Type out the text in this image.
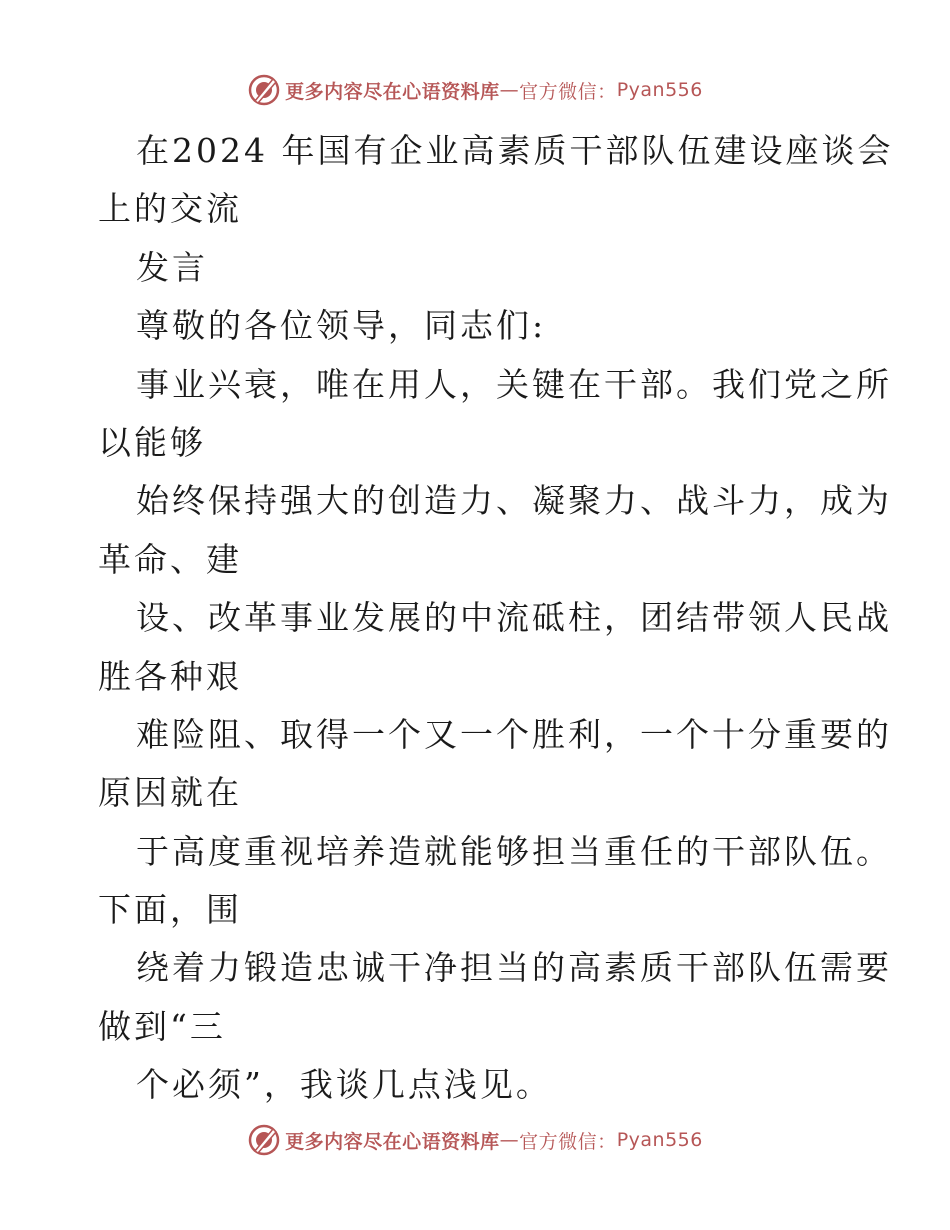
更多内容尽在心语资料库 — 官方微信： Pyan556
在2024 年国有企业高素质干部队伍建设座谈会
上的交流
发言
尊敬的各位领导，同志们:
事业兴衰，唯在用人，关键在干部。我们党之所
以能够
始终保持强大的创造力、凝聚力、战斗力，成为
革命、建
设、改革事业发展的中流砥柱，团结带领人民战
胜各种艰
难险阻、取得一个又一个胜利，一个十分重要的
原因就在
于高度重视培养造就能够担当重任的干部队伍。
下面，围
绕着力锻造忠诚干净担当的高素质干部队伍需要
做到“三
个必须”，我谈几点浅见。
更多内容尽在心语资料库 — 官方微信： Pyan556
